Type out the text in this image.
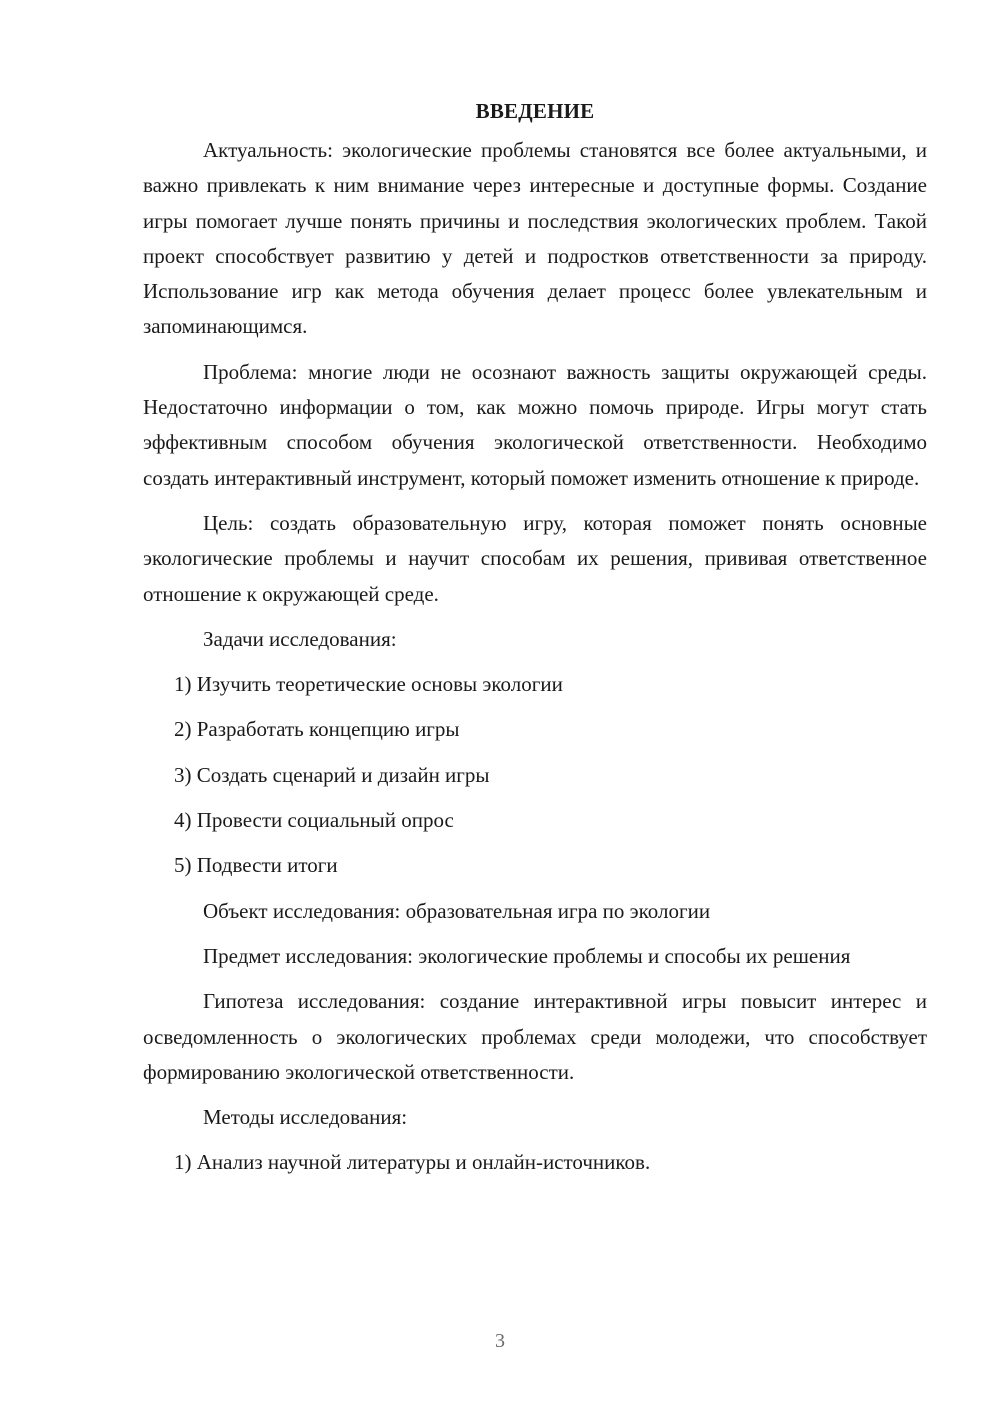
ВВЕДЕНИЕ

Актуальность: экологические проблемы становятся все более актуальными, и важно привлекать к ним внимание через интересные и доступные формы. Создание игры помогает лучше понять причины и последствия экологических проблем. Такой проект способствует развитию у детей и подростков ответственности за природу. Использование игр как метода обучения делает процесс более увлекательным и запоминающимся.

Проблема: многие люди не осознают важность защиты окружающей среды. Недостаточно информации о том, как можно помочь природе. Игры могут стать эффективным способом обучения экологической ответственности. Необходимо создать интерактивный инструмент, который поможет изменить отношение к природе.

Цель: создать образовательную игру, которая поможет понять основные экологические проблемы и научит способам их решения, прививая ответственное отношение к окружающей среде.

Задачи исследования:

1) Изучить теоретические основы экологии

2) Разработать концепцию игры

3) Создать сценарий и дизайн игры

4) Провести социальный опрос

5) Подвести итоги

Объект исследования: образовательная игра по экологии

Предмет исследования: экологические проблемы и способы их решения

Гипотеза исследования: создание интерактивной игры повысит интерес и осведомленность о экологических проблемах среди молодежи, что способствует формированию экологической ответственности.

Методы исследования:

1) Анализ научной литературы и онлайн-источников.

3
